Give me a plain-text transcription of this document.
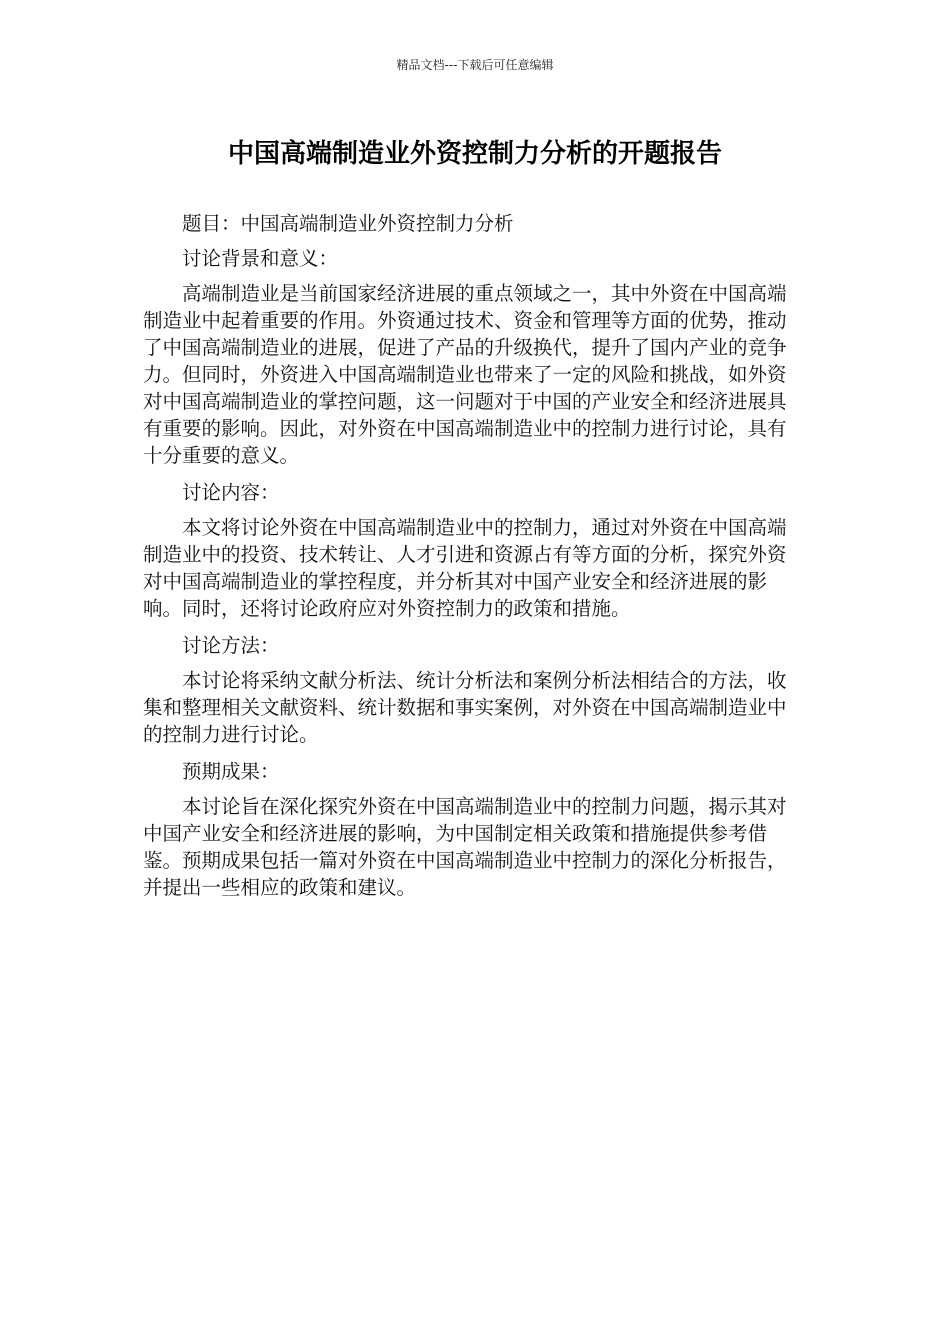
精品文档---下载后可任意编辑
中国高端制造业外资控制力分析的开题报告

题目：中国高端制造业外资控制力分析

讨论背景和意义：

高端制造业是当前国家经济进展的重点领域之一，其中外资在中国高端制造业中起着重要的作用。外资通过技术、资金和管理等方面的优势，推动了中国高端制造业的进展，促进了产品的升级换代，提升了国内产业的竞争力。但同时，外资进入中国高端制造业也带来了一定的风险和挑战，如外资对中国高端制造业的掌控问题，这一问题对于中国的产业安全和经济进展具有重要的影响。因此，对外资在中国高端制造业中的控制力进行讨论，具有十分重要的意义。

讨论内容：

本文将讨论外资在中国高端制造业中的控制力，通过对外资在中国高端制造业中的投资、技术转让、人才引进和资源占有等方面的分析，探究外资对中国高端制造业的掌控程度，并分析其对中国产业安全和经济进展的影响。同时，还将讨论政府应对外资控制力的政策和措施。

讨论方法：

本讨论将采纳文献分析法、统计分析法和案例分析法相结合的方法，收集和整理相关文献资料、统计数据和事实案例，对外资在中国高端制造业中的控制力进行讨论。

预期成果：

本讨论旨在深化探究外资在中国高端制造业中的控制力问题，揭示其对中国产业安全和经济进展的影响，为中国制定相关政策和措施提供参考借鉴。预期成果包括一篇对外资在中国高端制造业中控制力的深化分析报告，并提出一些相应的政策和建议。
